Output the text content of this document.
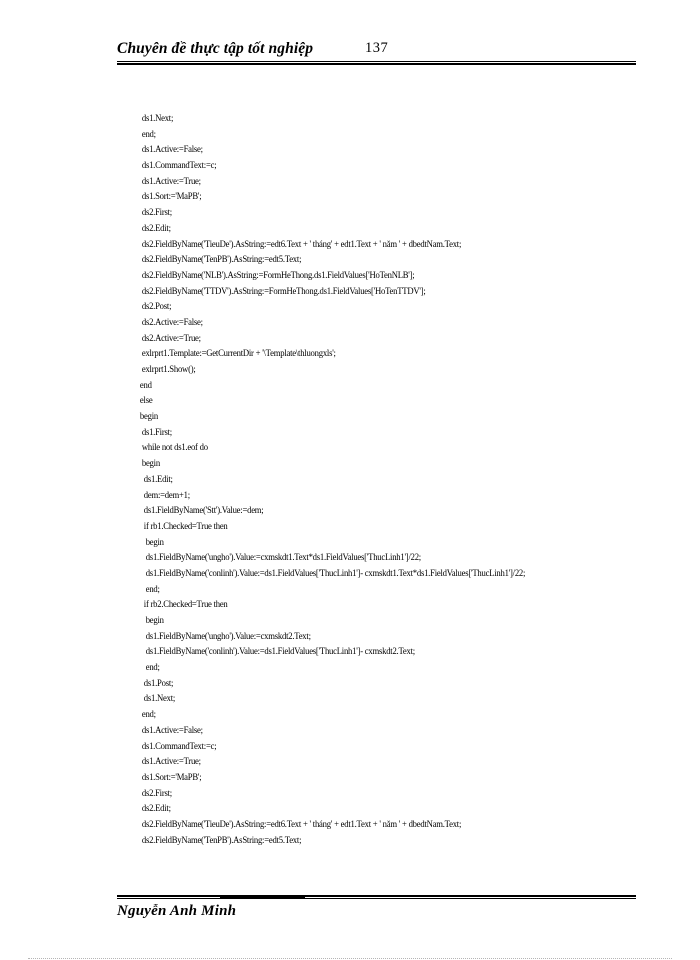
Chuyên đề thực tập tốt nghiệp	137
ds1.Next;
end;
ds1.Active:=False;
ds1.CommandText:=c;
ds1.Active:=True;
ds1.Sort:='MaPB';
ds2.First;
ds2.Edit;
ds2.FieldByName('TieuDe').AsString:=edt6.Text + ' tháng' + edt1.Text + ' năm ' + dbedtNam.Text;
ds2.FieldByName('TenPB').AsString:=edt5.Text;
ds2.FieldByName('NLB').AsString:=FormHeThong.ds1.FieldValues['HoTenNLB'];
ds2.FieldByName('TTDV').AsString:=FormHeThong.ds1.FieldValues['HoTenTTDV'];
ds2.Post;
ds2.Active:=False;
ds2.Active:=True;
exlrprt1.Template:=GetCurrentDir + '\Template\thluongxls';
exlrprt1.Show();
end
else
begin
ds1.First;
while not ds1.eof do
begin
ds1.Edit;
dem:=dem+1;
ds1.FieldByName('Stt').Value:=dem;
if rb1.Checked=True then
begin
ds1.FieldByName('ungho').Value:=cxmskdt1.Text*ds1.FieldValues['ThucLinh1']/22;
ds1.FieldByName('conlinh').Value:=ds1.FieldValues['ThucLinh1']- cxmskdt1.Text*ds1.FieldValues['ThucLinh1']/22;
end;
if rb2.Checked=True then
begin
ds1.FieldByName('ungho').Value:=cxmskdt2.Text;
ds1.FieldByName('conlinh').Value:=ds1.FieldValues['ThucLinh1']- cxmskdt2.Text;
end;
ds1.Post;
ds1.Next;
end;
ds1.Active:=False;
ds1.CommandText:=c;
ds1.Active:=True;
ds1.Sort:='MaPB';
ds2.First;
ds2.Edit;
ds2.FieldByName('TieuDe').AsString:=edt6.Text + ' tháng' + edt1.Text + ' năm ' + dbedtNam.Text;
ds2.FieldByName('TenPB').AsString:=edt5.Text;
Nguyễn Anh Minh
